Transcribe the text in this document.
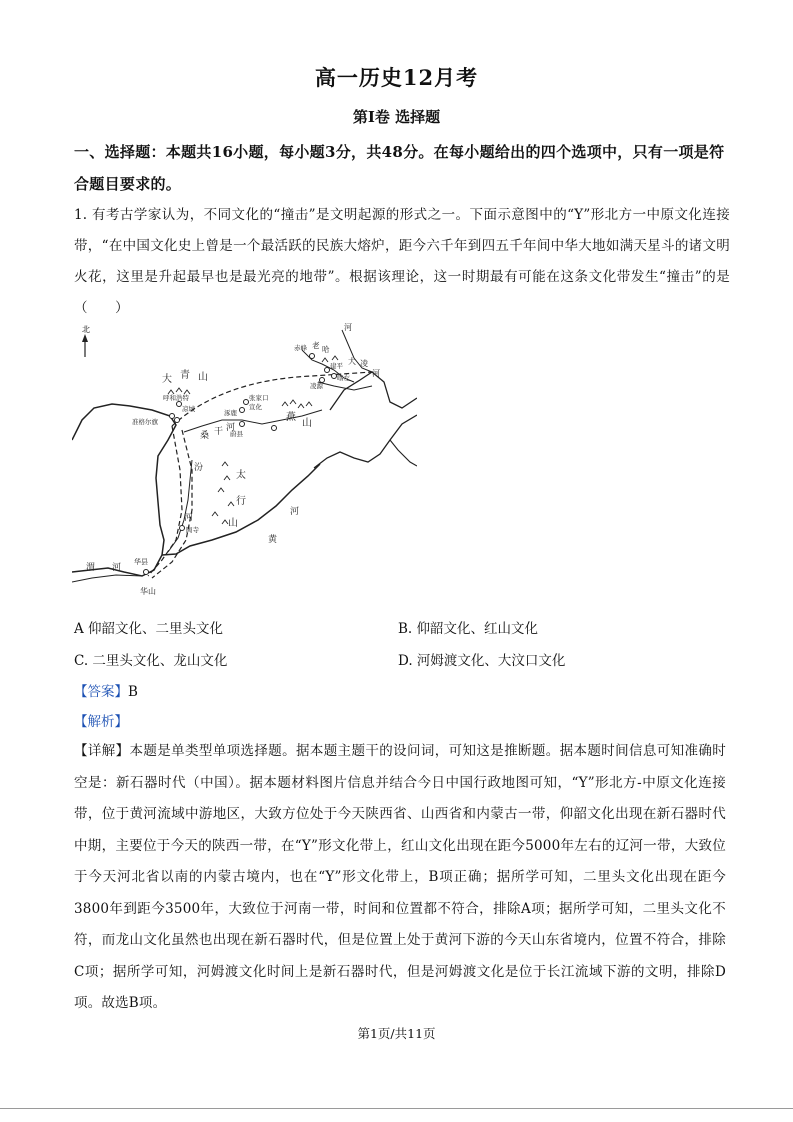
高一历史12月考
第Ⅰ卷 选择题
一、选择题：本题共16小题，每小题3分，共48分。在每小题给出的四个选项中，只有一项是符合题目要求的。
1. 有考古学家认为，不同文化的“撞击”是文明起源的形式之一。下面示意图中的“Y”形北方一中原文化连接带，“在中国文化史上曾是一个最活跃的民族大熔炉，距今六千年到四五千年间中华大地如满天星斗的诸文明火花，这里是升起最早也是最光亮的地带”。根据该理论，这一时期最有可能在这条文化带发生“撞击”的是（　　）
北
大 青 山
呼和浩特
凉城
准格尔旗
张家口
宣化
涿鹿
桑 干 河
蔚县
燕
山
赤峰 老 哈
建平
喀左
凌源
大 凌
河
河
汾
河
陶寺
太
行
山
黄
河
渭 河
华县
华山
A 仰韶文化、二里头文化	B. 仰韶文化、红山文化
C. 二里头文化、龙山文化	D. 河姆渡文化、大汶口文化
【答案】B
【解析】
【详解】本题是单类型单项选择题。据本题主题干的设问词，可知这是推断题。据本题时间信息可知准确时空是：新石器时代（中国）。据本题材料图片信息并结合今日中国行政地图可知，“Y”形北方-中原文化连接带，位于黄河流域中游地区，大致方位处于今天陕西省、山西省和内蒙古一带，仰韶文化出现在新石器时代中期，主要位于今天的陕西一带，在“Y”形文化带上，红山文化出现在距今5000年左右的辽河一带，大致位于今天河北省以南的内蒙古境内，也在“Y”形文化带上，B项正确；据所学可知，二里头文化出现在距今3800年到距今3500年，大致位于河南一带，时间和位置都不符合，排除A项；据所学可知，二里头文化不符，而龙山文化虽然也出现在新石器时代，但是位置上处于黄河下游的今天山东省境内，位置不符合，排除C项；据所学可知，河姆渡文化时间上是新石器时代，但是河姆渡文化是位于长江流域下游的文明，排除D项。故选B项。
第1页/共11页
